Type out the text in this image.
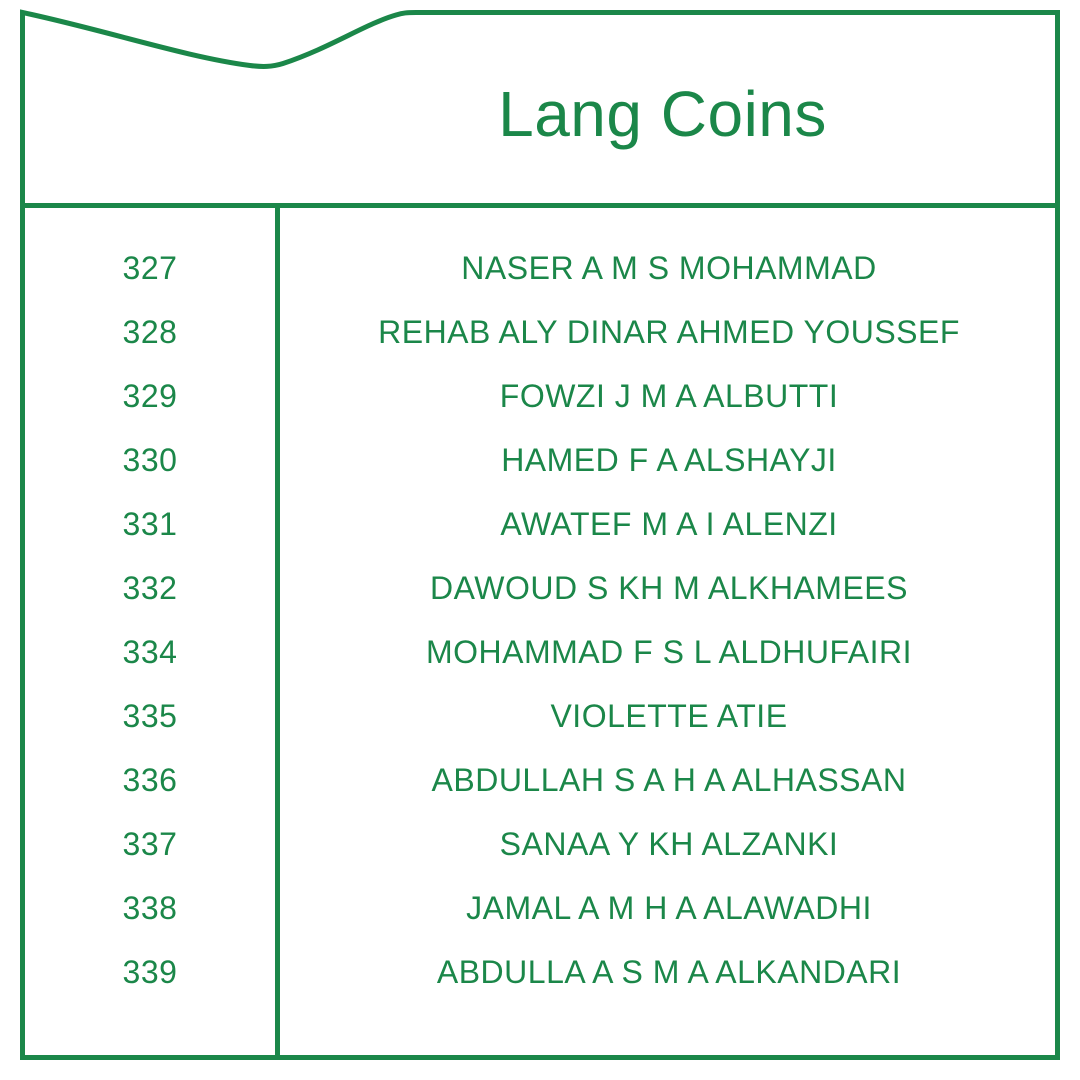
Lang Coins
327	NASER A M S MOHAMMAD
328	REHAB ALY DINAR AHMED YOUSSEF
329	FOWZI J M A ALBUTTI
330	HAMED F A ALSHAYJI
331	AWATEF M A I ALENZI
332	DAWOUD S KH M ALKHAMEES
334	MOHAMMAD F S L ALDHUFAIRI
335	VIOLETTE ATIE
336	ABDULLAH S A H A ALHASSAN
337	SANAA Y KH ALZANKI
338	JAMAL A M H A ALAWADHI
339	ABDULLA A S M A ALKANDARI
